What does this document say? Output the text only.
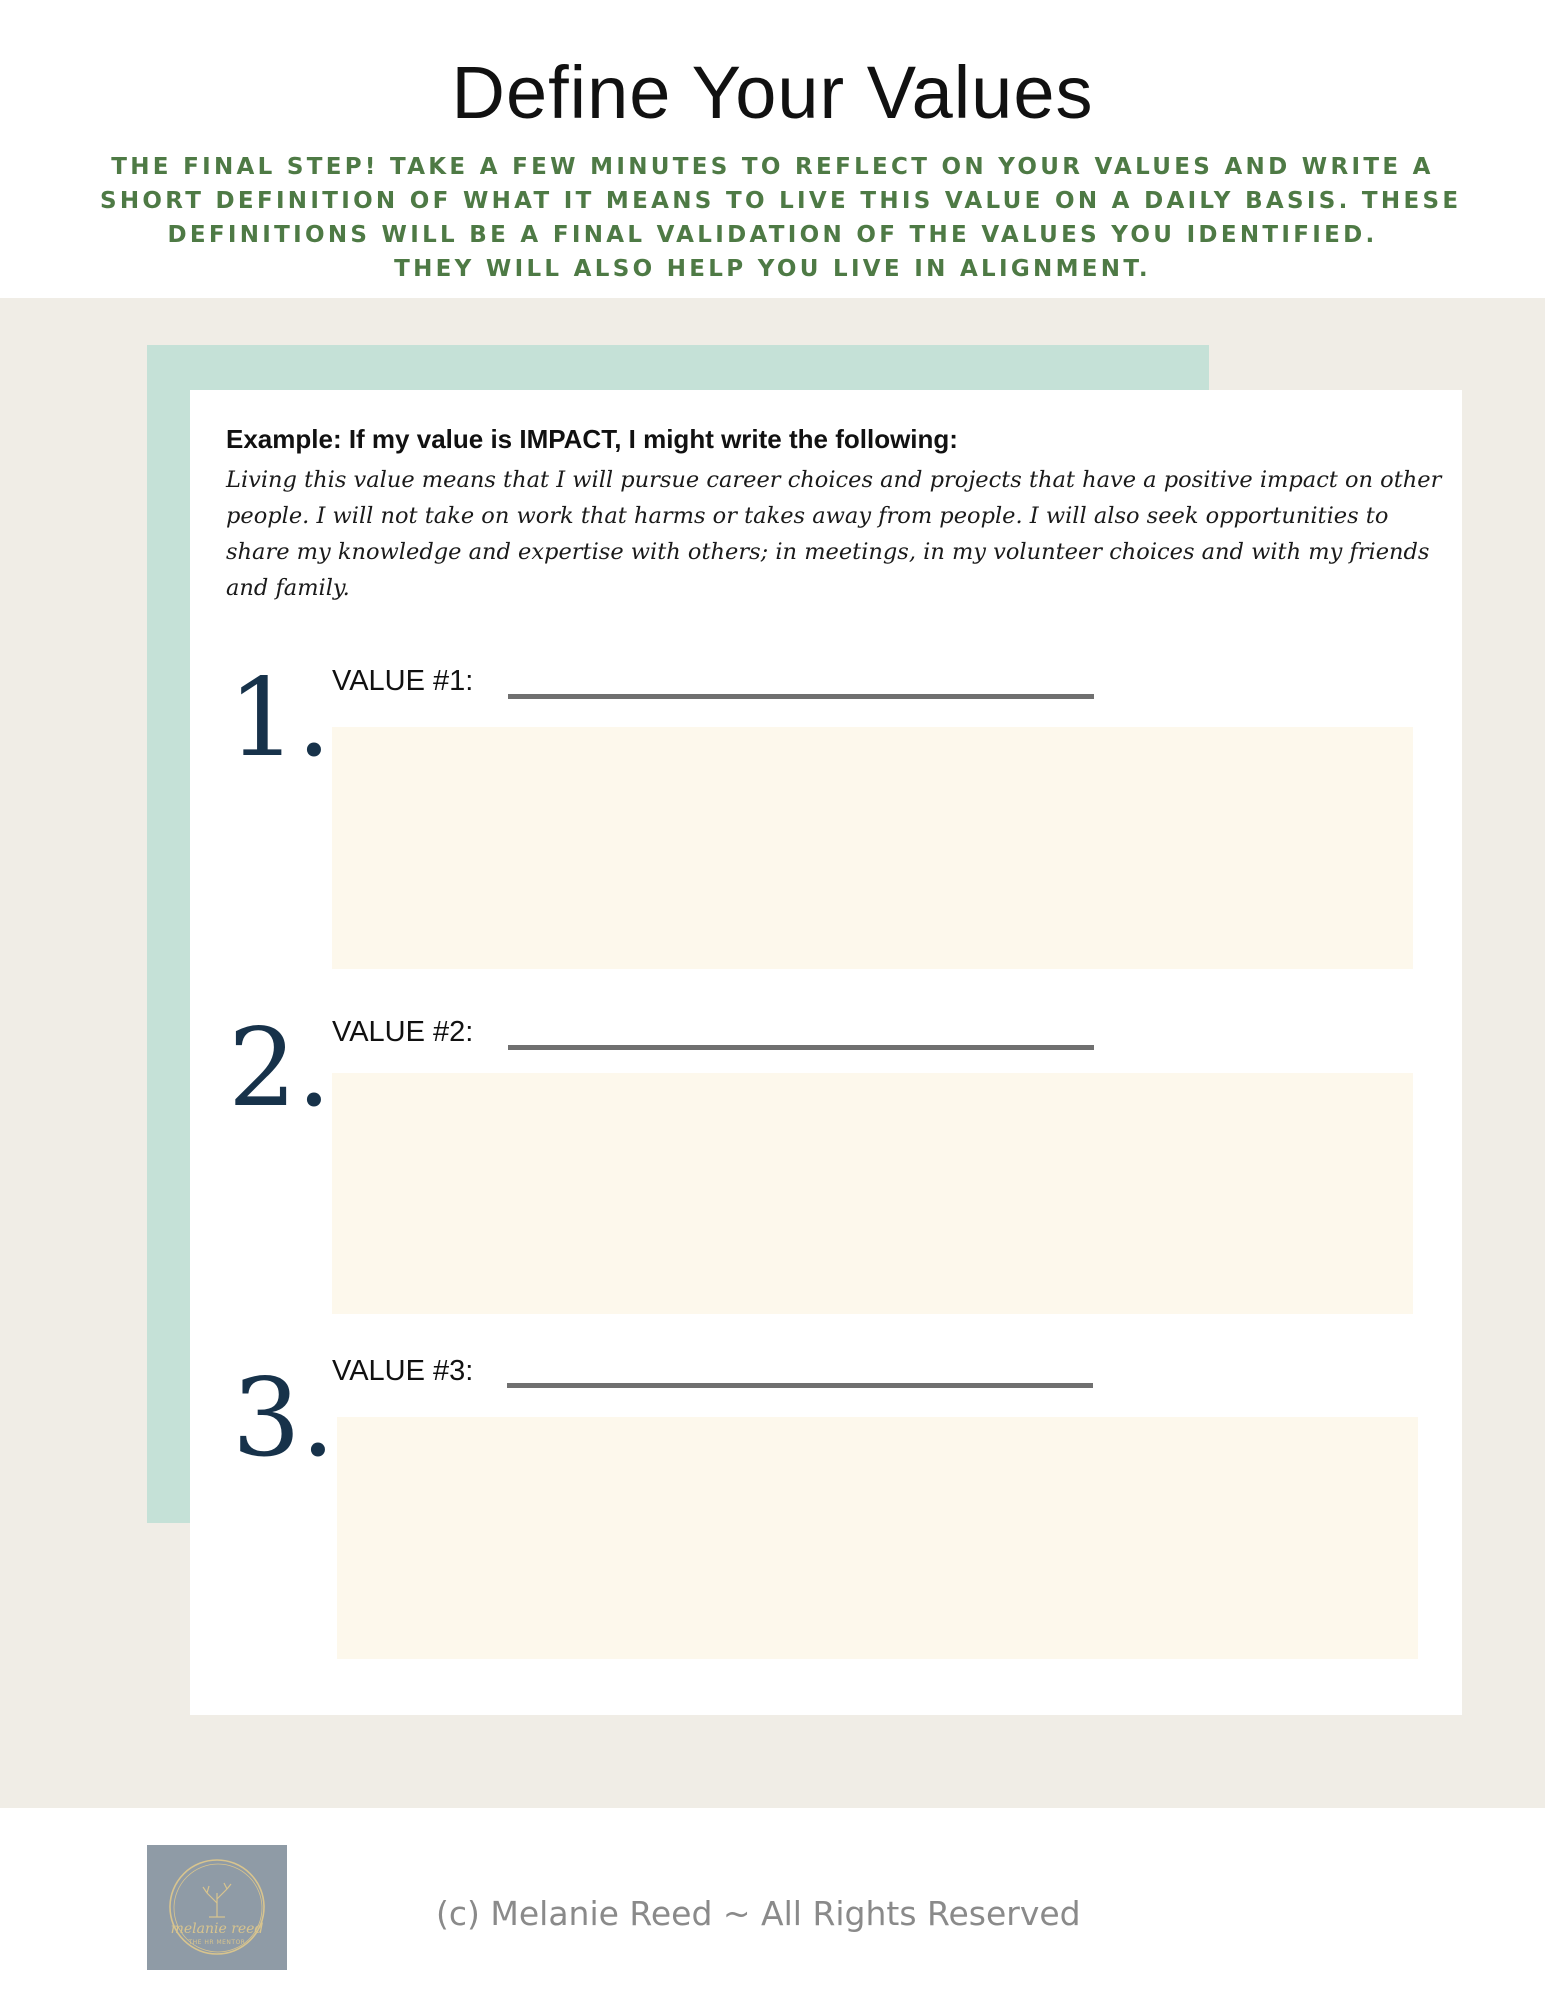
Define Your Values
THE FINAL STEP! TAKE A FEW MINUTES TO REFLECT ON YOUR VALUES AND WRITE A
SHORT DEFINITION OF WHAT IT MEANS TO LIVE THIS VALUE ON A DAILY BASIS. THESE
DEFINITIONS WILL BE A FINAL VALIDATION OF THE VALUES YOU IDENTIFIED.
THEY WILL ALSO HELP YOU LIVE IN ALIGNMENT.
Example: If my value is IMPACT, I might write the following:
Living this value means that I will pursue career choices and projects that have a positive impact on other
people. I will not take on work that harms or takes away from people. I will also seek opportunities to
share my knowledge and expertise with others; in meetings, in my volunteer choices and with my friends
and family.
1. VALUE #1:
2. VALUE #2:
3.
VALUE #3:
melanie reed
THE HR MENTOR
(c) Melanie Reed ~ All Rights Reserved
